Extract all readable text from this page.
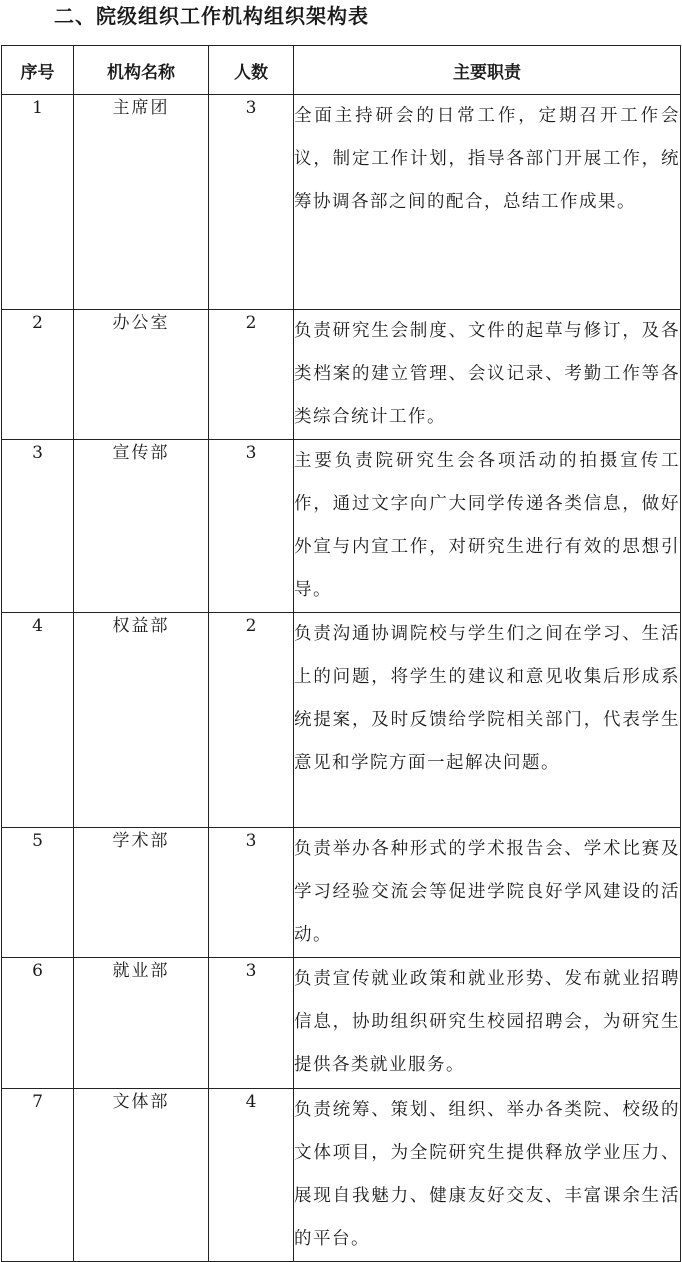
二、院级组织工作机构组织架构表
序号	机构名称	人数	主要职责
1	主席团	3	全面主持研会的日常工作，定期召开工作会议，制定工作计划，指导各部门开展工作，统筹协调各部之间的配合，总结工作成果。
2	办公室	2	负责研究生会制度、文件的起草与修订，及各类档案的建立管理、会议记录、考勤工作等各类综合统计工作。
3	宣传部	3	主要负责院研究生会各项活动的拍摄宣传工作，通过文字向广大同学传递各类信息，做好外宣与内宣工作，对研究生进行有效的思想引导。
4	权益部	2	负责沟通协调院校与学生们之间在学习、生活上的问题，将学生的建议和意见收集后形成系统提案，及时反馈给学院相关部门，代表学生意见和学院方面一起解决问题。
5	学术部	3	负责举办各种形式的学术报告会、学术比赛及学习经验交流会等促进学院良好学风建设的活动。
6	就业部	3	负责宣传就业政策和就业形势、发布就业招聘信息，协助组织研究生校园招聘会，为研究生提供各类就业服务。
7	文体部	4	负责统筹、策划、组织、举办各类院、校级的文体项目，为全院研究生提供释放学业压力、展现自我魅力、健康友好交友、丰富课余生活的平台。
